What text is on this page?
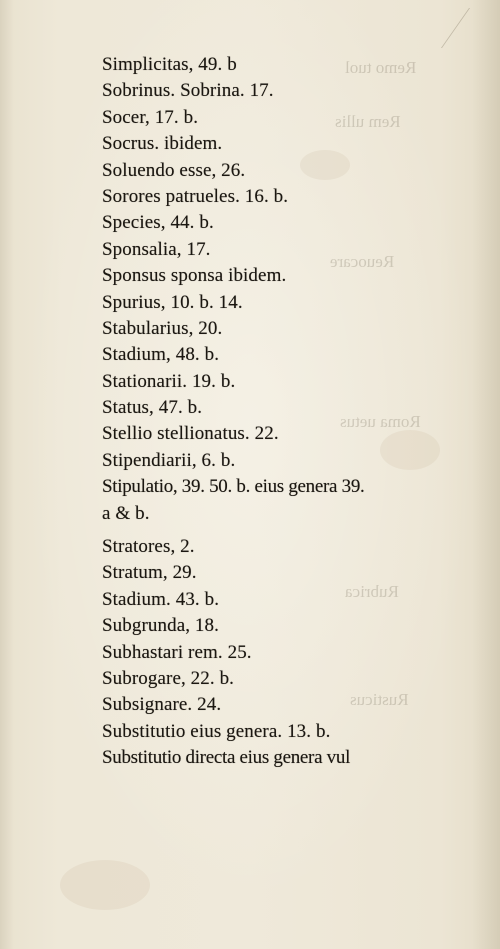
Remo tuol
Rem ullis
Reuocare
Roma uetus
Rubrica
Rusticus
Simplicitas, 49. b
Sobrinus. Sobrina. 17.
Socer, 17. b.
Socrus. ibidem.
Soluendo esse, 26.
Sorores patrueles. 16. b.
Species, 44. b.
Sponsalia, 17.
Sponsus sponsa ibidem.
Spurius, 10. b. 14.
Stabularius, 20.
Stadium, 48. b.
Stationarii. 19. b.
Status, 47. b.
Stellio stellionatus. 22.
Stipendiarii, 6. b.
Stipulatio, 39. 50. b. eius genera 39.
a & b.
Stratores, 2.
Stratum, 29.
Stadium. 43. b.
Subgrunda, 18.
Subhastari rem. 25.
Subrogare, 22. b.
Subsignare. 24.
Substitutio eius genera. 13. b.
Substitutio directa eius genera vul
